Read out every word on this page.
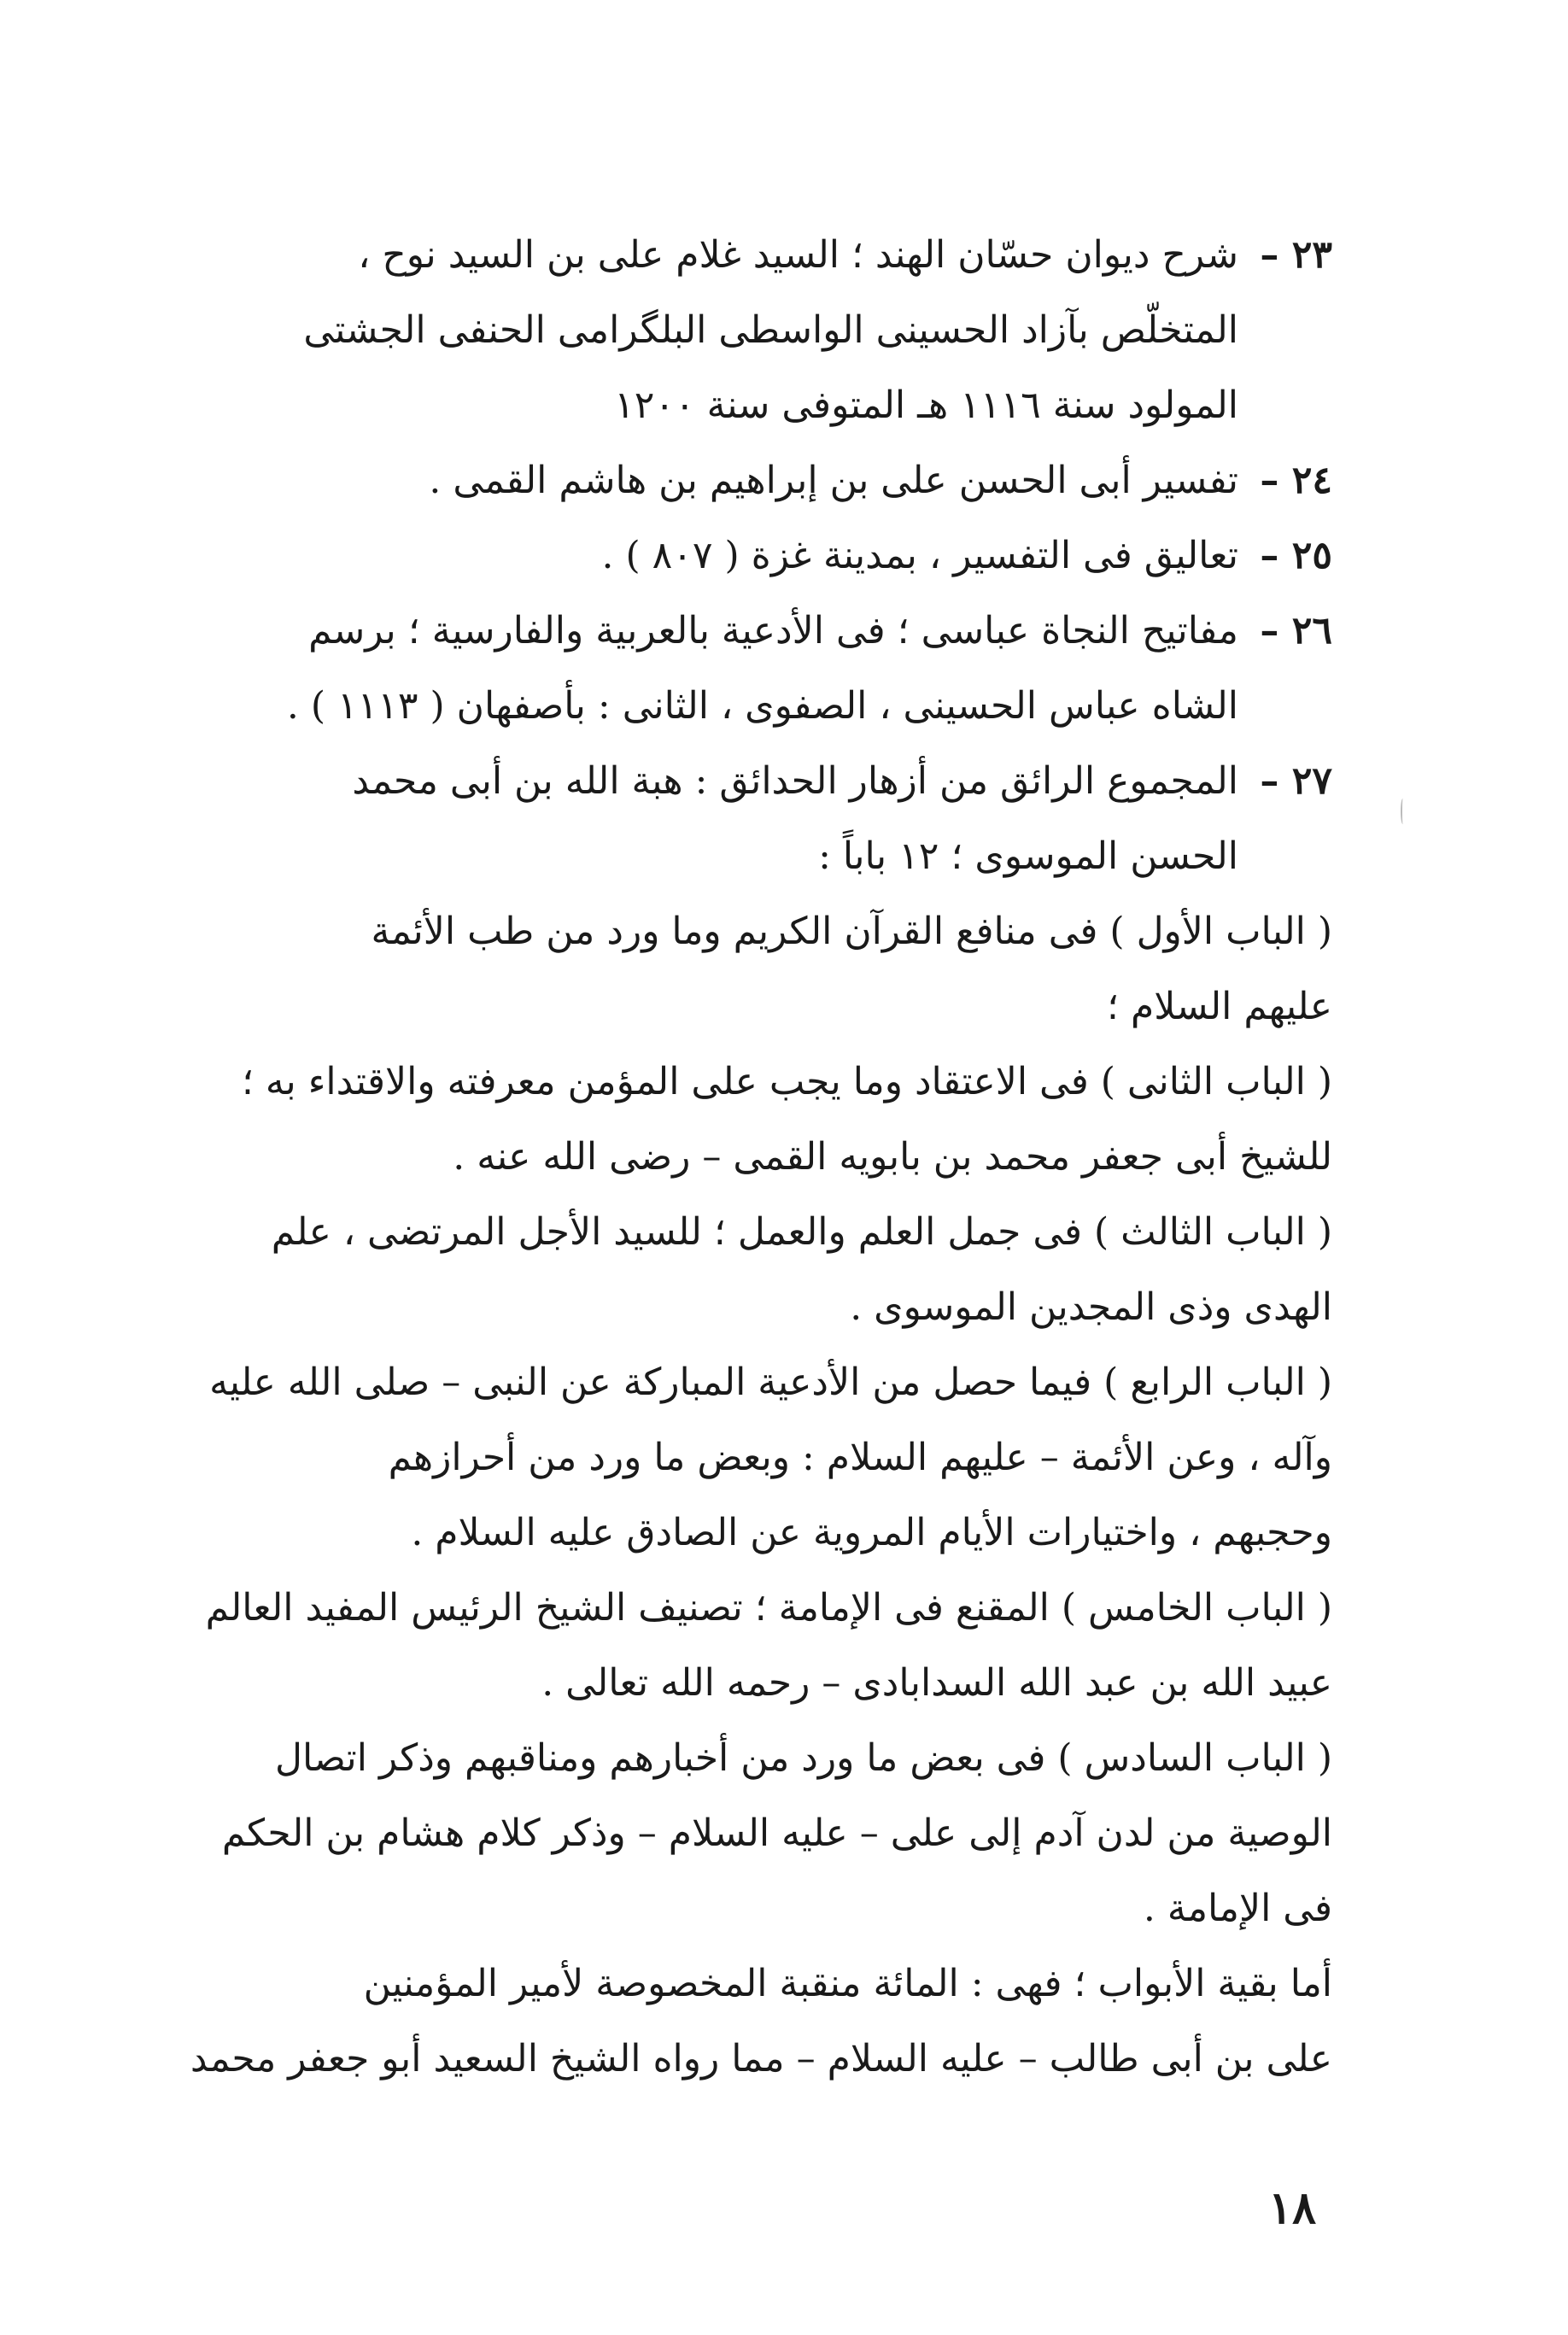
٢٣ –شرح ديوان حسّان الهند ؛ السيد غلام على بن السيد نوح ،
المتخلّص بآزاد الحسينى الواسطى البلگرامى الحنفى الجشتى
المولود سنة ١١١٦ هـ المتوفى سنة ١٢٠٠
٢٤ –تفسير أبى الحسن على بن إبراهيم بن هاشم القمى .
٢٥ –تعاليق فى التفسير ، بمدينة غزة ( ٨٠٧ ) .
٢٦ –مفاتيح النجاة عباسى ؛ فى الأدعية بالعربية والفارسية ؛ برسم
الشاه عباس الحسينى ، الصفوى ، الثانى : بأصفهان ( ١١١٣ ) .
٢٧ –المجموع الرائق من أزهار الحدائق : هبة الله بن أبى محمد
الحسن الموسوى ؛ ١٢ باباً :
( الباب الأول ) فى منافع القرآن الكريم وما ورد من طب الأئمة
عليهم السلام ؛
( الباب الثانى ) فى الاعتقاد وما يجب على المؤمن معرفته والاقتداء به ؛
للشيخ أبى جعفر محمد بن بابويه القمى – رضى الله عنه .
( الباب الثالث ) فى جمل العلم والعمل ؛ للسيد الأجل المرتضى ، علم
الهدى وذى المجدين الموسوى .
( الباب الرابع ) فيما حصل من الأدعية المباركة عن النبى – صلى الله عليه
وآله ، وعن الأئمة – عليهم السلام : وبعض ما ورد من أحرازهم
وحجبهم ، واختيارات الأيام المروية عن الصادق عليه السلام .
( الباب الخامس ) المقنع فى الإمامة ؛ تصنيف الشيخ الرئيس المفيد العالم
عبيد الله بن عبد الله السدابادى – رحمه الله تعالى .
( الباب السادس ) فى بعض ما ورد من أخبارهم ومناقبهم وذكر اتصال
الوصية من لدن آدم إلى على – عليه السلام – وذكر كلام هشام بن الحكم
فى الإمامة .
أما بقية الأبواب ؛ فهى : المائة منقبة المخصوصة لأمير المؤمنين
على بن أبى طالب – عليه السلام – مما رواه الشيخ السعيد أبو جعفر محمد
١٨
